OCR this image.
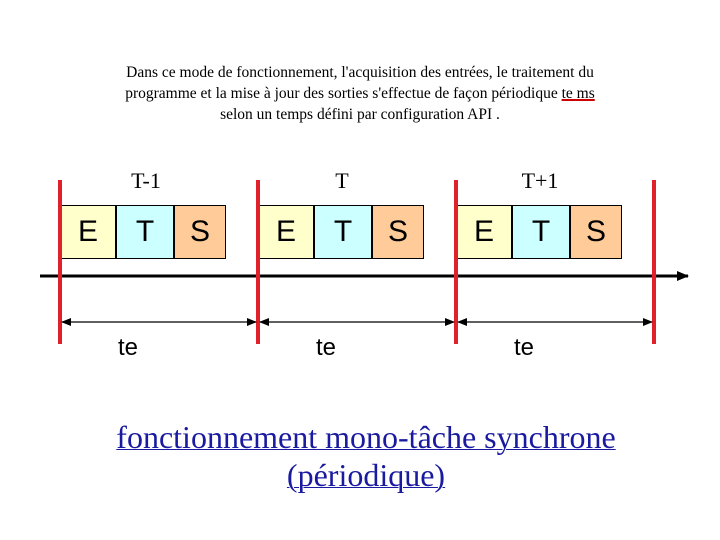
Dans ce mode de fonctionnement, l'acquisition des entrées, le traitement du
programme et la mise à jour des sorties s'effectue de façon périodique te ms
selon un temps défini par configuration API .
T-1	T	T+1
E	T	S	E	T	S	E	T	S
te	te	te
fonctionnement mono-tâche synchrone
(périodique)
